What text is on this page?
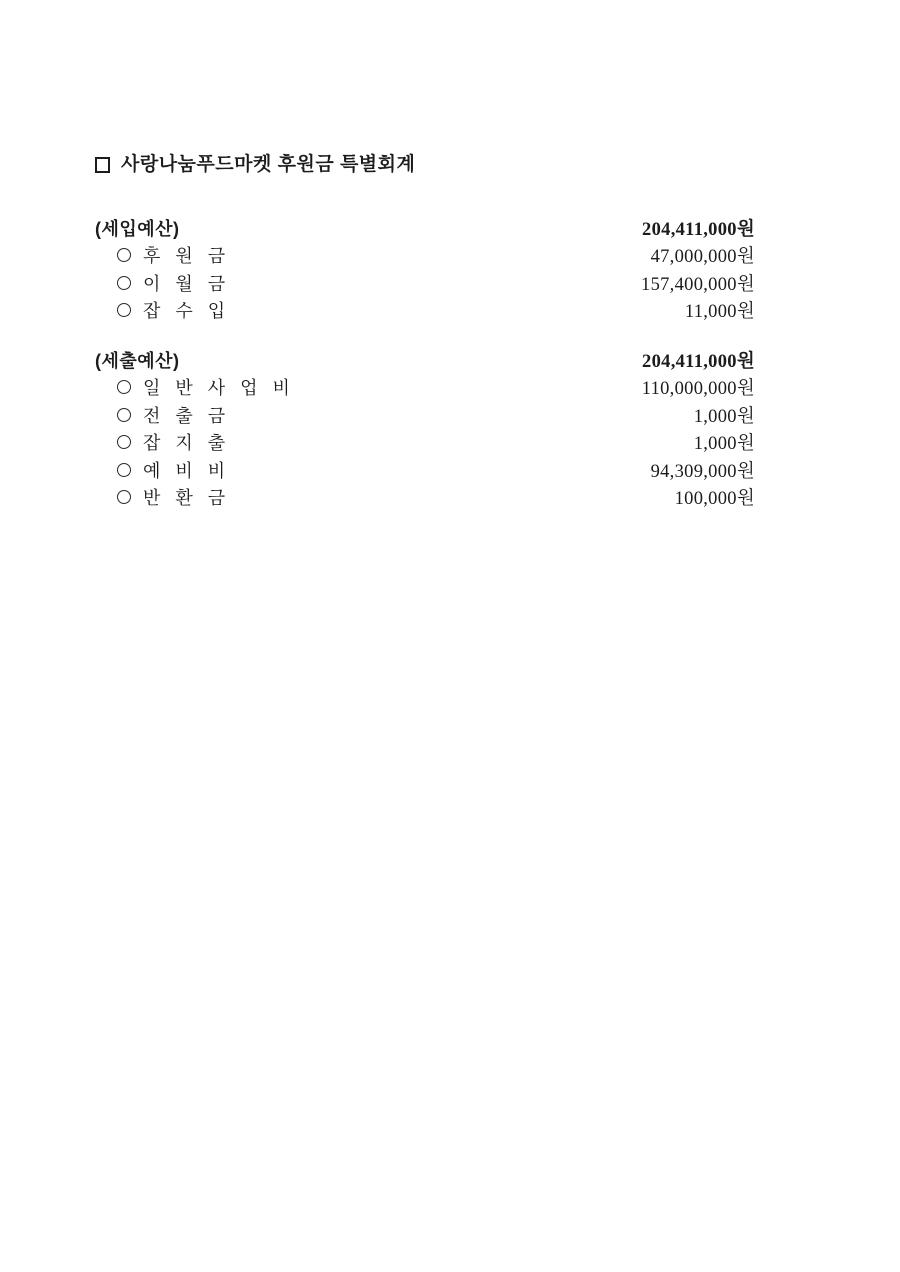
사랑나눔푸드마켓 후원금 특별회계
(세입예산)	204,411,000원
후 원 금	47,000,000원
이 월 금	157,400,000원
잡 수 입	11,000원
(세출예산)	204,411,000원
일 반 사 업 비	110,000,000원
전 출 금	1,000원
잡 지 출	1,000원
예 비 비	94,309,000원
반 환 금	100,000원
